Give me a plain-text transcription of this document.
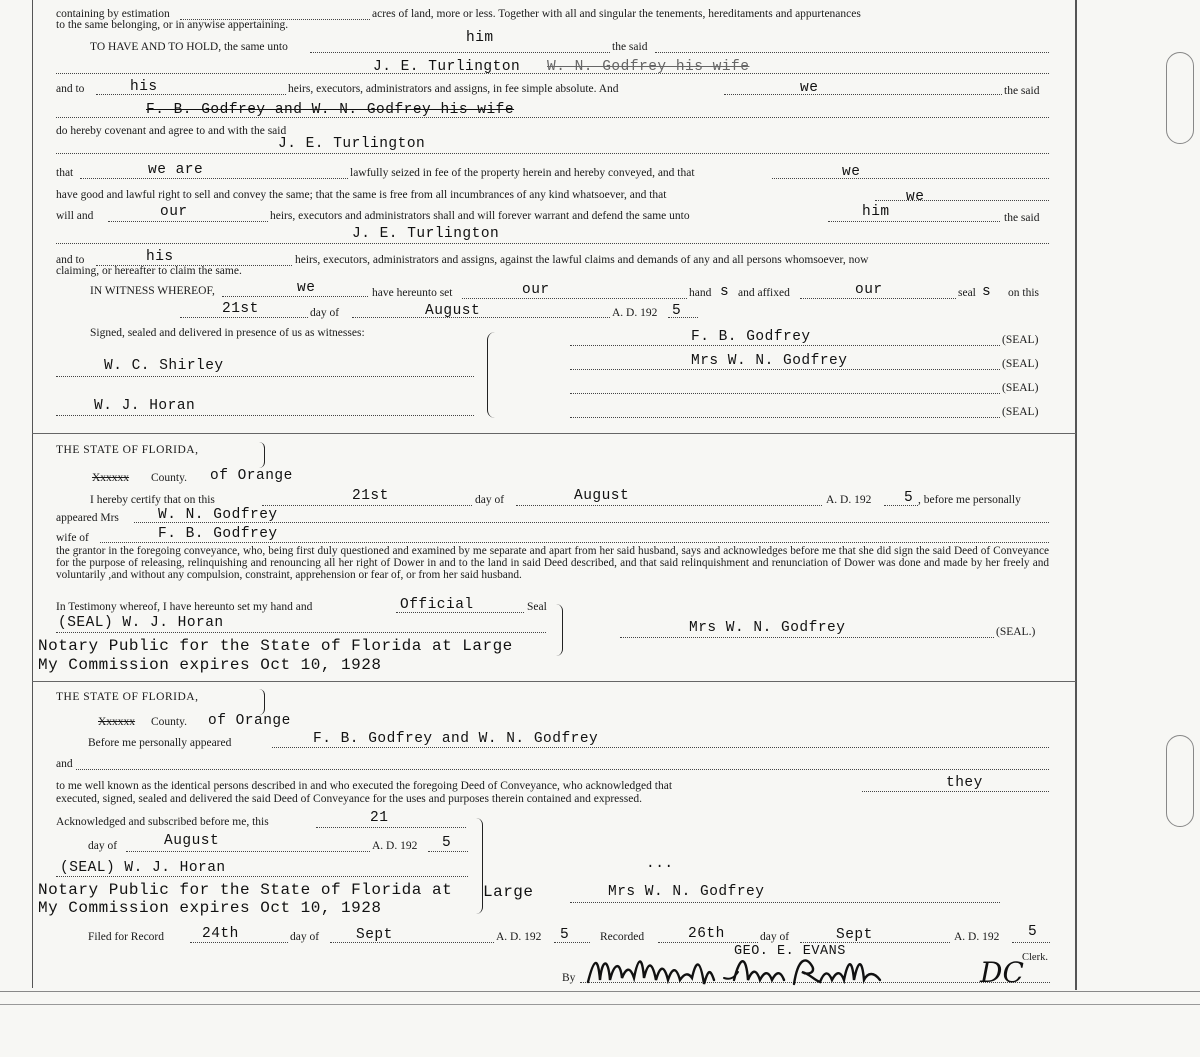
containing by estimation	acres of land, more or less. Together with all and singular the tenements, hereditaments and appurtenances
to the same belonging, or in anywise appertaining.
TO HAVE AND TO HOLD, the same unto
him
the said
J. E. Turlington W. N. Godfrey his wife
and to	his	heirs, executors, administrators and assigns, in fee simple absolute. And	we	the said
F. B. Godfrey and W. N. Godfrey his wife
do hereby covenant and agree to and with the said
J. E. Turlington
that	we are	lawfully seized in fee of the property herein and hereby conveyed, and that	we
have good and lawful right to sell and convey the same; that the same is free from all incumbrances of any kind whatsoever, and that	we
will and	our	heirs, executors and administrators shall and will forever warrant and defend the same unto	him	the said
J. E. Turlington
and to	his	heirs, executors, administrators and assigns, against the lawful claims and demands of any and all persons whomsoever, now
claiming, or hereafter to claim the same.
IN WITNESS WHEREOF,	we	have hereunto set	our	hand s and affixed	our	seal s on this
21st	day of	August	A. D. 192 5
Signed, sealed and delivered in presence of us as witnesses:
W. C. Shirley
W. J. Horan
F. B. Godfrey	(SEAL)
Mrs W. N. Godfrey	(SEAL)
(SEAL)
(SEAL)
THE STATE OF FLORIDA,
Xxxxxx County. of Orange
I hereby certify that on this	21st	day of	August	A. D. 192 5 , before me personally
appeared Mrs	W. N. Godfrey
wife of	F. B. Godfrey
the grantor in the foregoing conveyance, who, being first duly questioned and examined by me separate and apart from her said husband, says and acknowledges before me that she did sign the said Deed of Conveyance for the purpose of releasing, relinquishing and renouncing all her right of Dower in and to the land in said Deed described, and that said relinquishment and renunciation of Dower was done and made by her freely and voluntarily ,and without any compulsion, constraint, apprehension or fear of, or from her said husband.
In Testimony whereof, I have hereunto set my hand and	Official	Seal
(SEAL) W. J. Horan
Notary Public for the State of Florida at Large
My Commission expires Oct 10, 1928
Mrs W. N. Godfrey	(SEAL.)
THE STATE OF FLORIDA,
Xxxxxx County. of Orange
Before me personally appeared	F. B. Godfrey and W. N. Godfrey
and
to me well known as the identical persons described in and who executed the foregoing Deed of Conveyance, who acknowledged that	they
executed, signed, sealed and delivered the said Deed of Conveyance for the uses and purposes therein contained and expressed.
Acknowledged and subscribed before me, this	21
day of	August	A. D. 192 5
(SEAL) W. J. Horan
Notary Public for the State of Florida at Large
My Commission expires Oct 10, 1928
...
Mrs W. N. Godfrey
Filed for Record	24th	day of	Sept	A. D. 192 5	Recorded	26th	day of	Sept	A. D. 192 5
GEO. E. EVANS	Clerk.
By	DC
